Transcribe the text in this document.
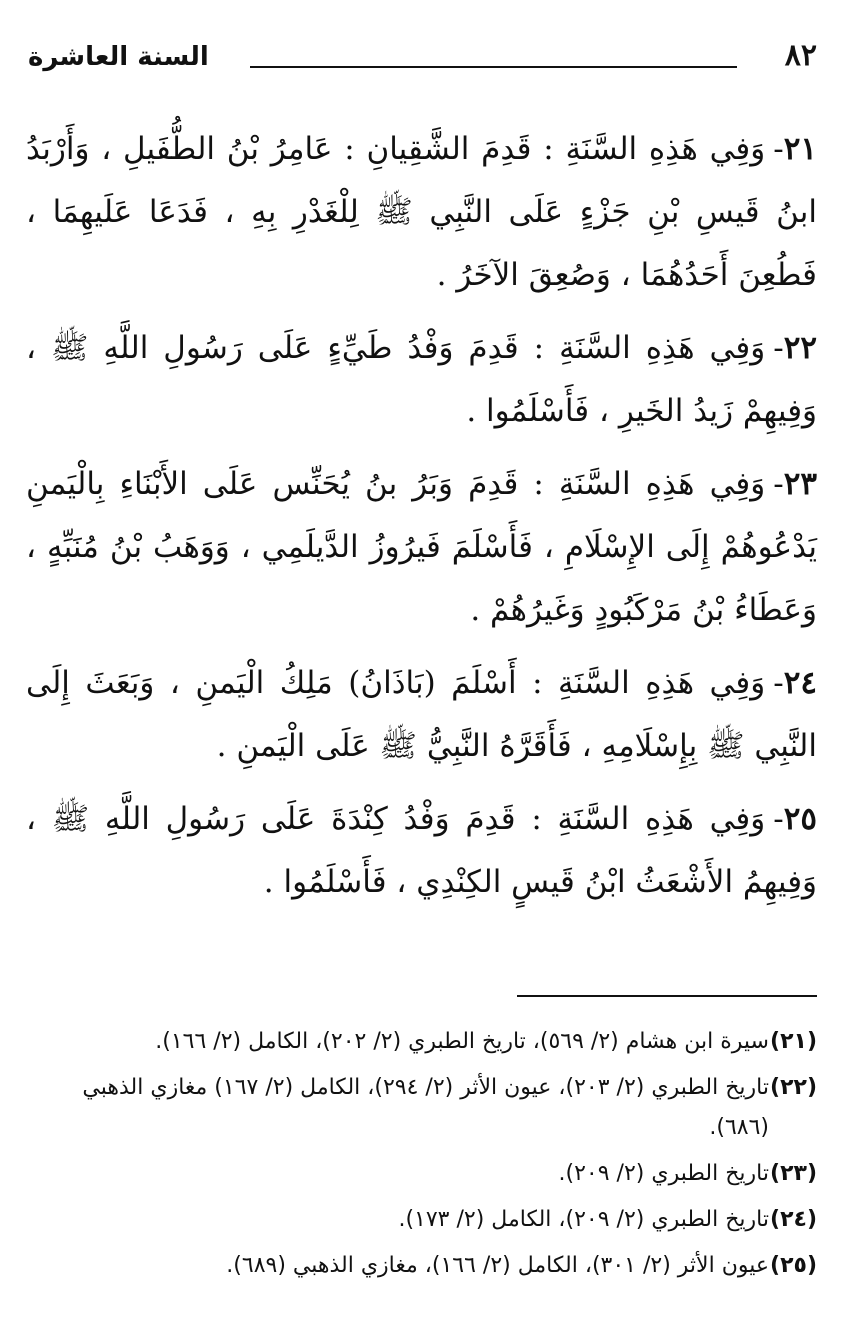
السنة العاشرة	٨٢

٢١-وَفِي هَذِهِ السَّنَةِ : قَدِمَ الشَّقِيانِ : عَامِرُ بْنُ الطُّفَيلِ ، وَأَرْبَدُ ابنُ قَيسِ بْنِ جَزْءٍ عَلَى النَّبِي ﷺ لِلْغَدْرِ بِهِ ، فَدَعَا عَلَيهِمَا ، فَطُعِنَ أَحَدُهُمَا ، وَصُعِقَ الآخَرُ .

٢٢-وَفِي هَذِهِ السَّنَةِ : قَدِمَ وَفْدُ طَيِّءٍ عَلَى رَسُولِ اللَّهِ ﷺ ، وَفِيهِمْ زَيدُ الخَيرِ ، فَأَسْلَمُوا .

٢٣-وَفِي هَذِهِ السَّنَةِ : قَدِمَ وَبَرُ بنُ يُحَنِّس عَلَى الأَبْنَاءِ بِالْيَمنِ يَدْعُوهُمْ إِلَى الإِسْلَامِ ، فَأَسْلَمَ فَيرُوزُ الدَّيلَمِي ، وَوَهَبُ بْنُ مُنَبِّهٍ ، وَعَطَاءُ بْنُ مَرْكَبُودٍ وَغَيرُهُمْ .

٢٤-وَفِي هَذِهِ السَّنَةِ : أَسْلَمَ (بَاذَانُ) مَلِكُ الْيَمنِ ، وَبَعَثَ إِلَى النَّبِي ﷺ بِإِسْلَامِهِ ، فَأَقَرَّهُ النَّبِيُّ ﷺ عَلَى الْيَمنِ .

٢٥-وَفِي هَذِهِ السَّنَةِ : قَدِمَ وَفْدُ كِنْدَةَ عَلَى رَسُولِ اللَّهِ ﷺ ، وَفِيهِمُ الأَشْعَثُ ابْنُ قَيسٍ الكِنْدِي ، فَأَسْلَمُوا .

(٢١)سيرة ابن هشام (٢/ ٥٦٩)، تاريخ الطبري (٢/ ٢٠٢)، الكامل (٢/ ١٦٦).

(٢٢)تاريخ الطبري (٢/ ٢٠٣)، عيون الأثر (٢/ ٢٩٤)، الكامل (٢/ ١٦٧) مغازي الذهبي (٦٨٦).

(٢٣)تاريخ الطبري (٢/ ٢٠٩).

(٢٤)تاريخ الطبري (٢/ ٢٠٩)، الكامل (٢/ ١٧٣).

(٢٥)عيون الأثر (٢/ ٣٠١)، الكامل (٢/ ١٦٦)، مغازي الذهبي (٦٨٩).
